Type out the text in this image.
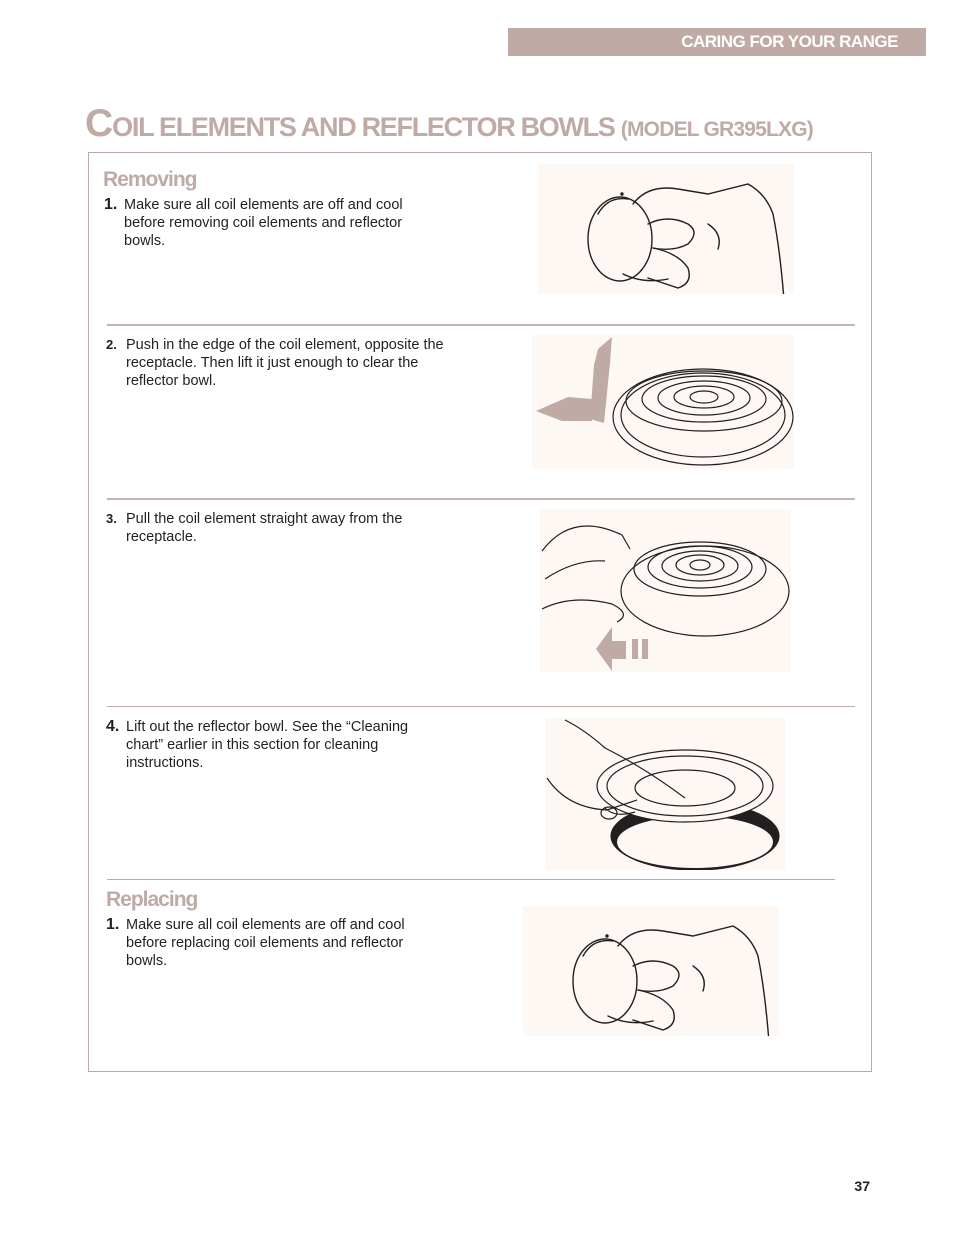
CARING FOR YOUR RANGE
COIL ELEMENTS AND REFLECTOR BOWLS (MODEL GR395LXG)
Removing
1. Make sure all coil elements are off and cool before removing coil elements and reflector bowls.
2. Push in the edge of the coil element, opposite the receptacle. Then lift it just enough to clear the reflector bowl.
3. Pull the coil element straight away from the receptacle.
4. Lift out the reflector bowl. See the “Cleaning chart” earlier in this section for cleaning instructions.
Replacing
1. Make sure all coil elements are off and cool before replacing coil elements and reflector bowls.
37
